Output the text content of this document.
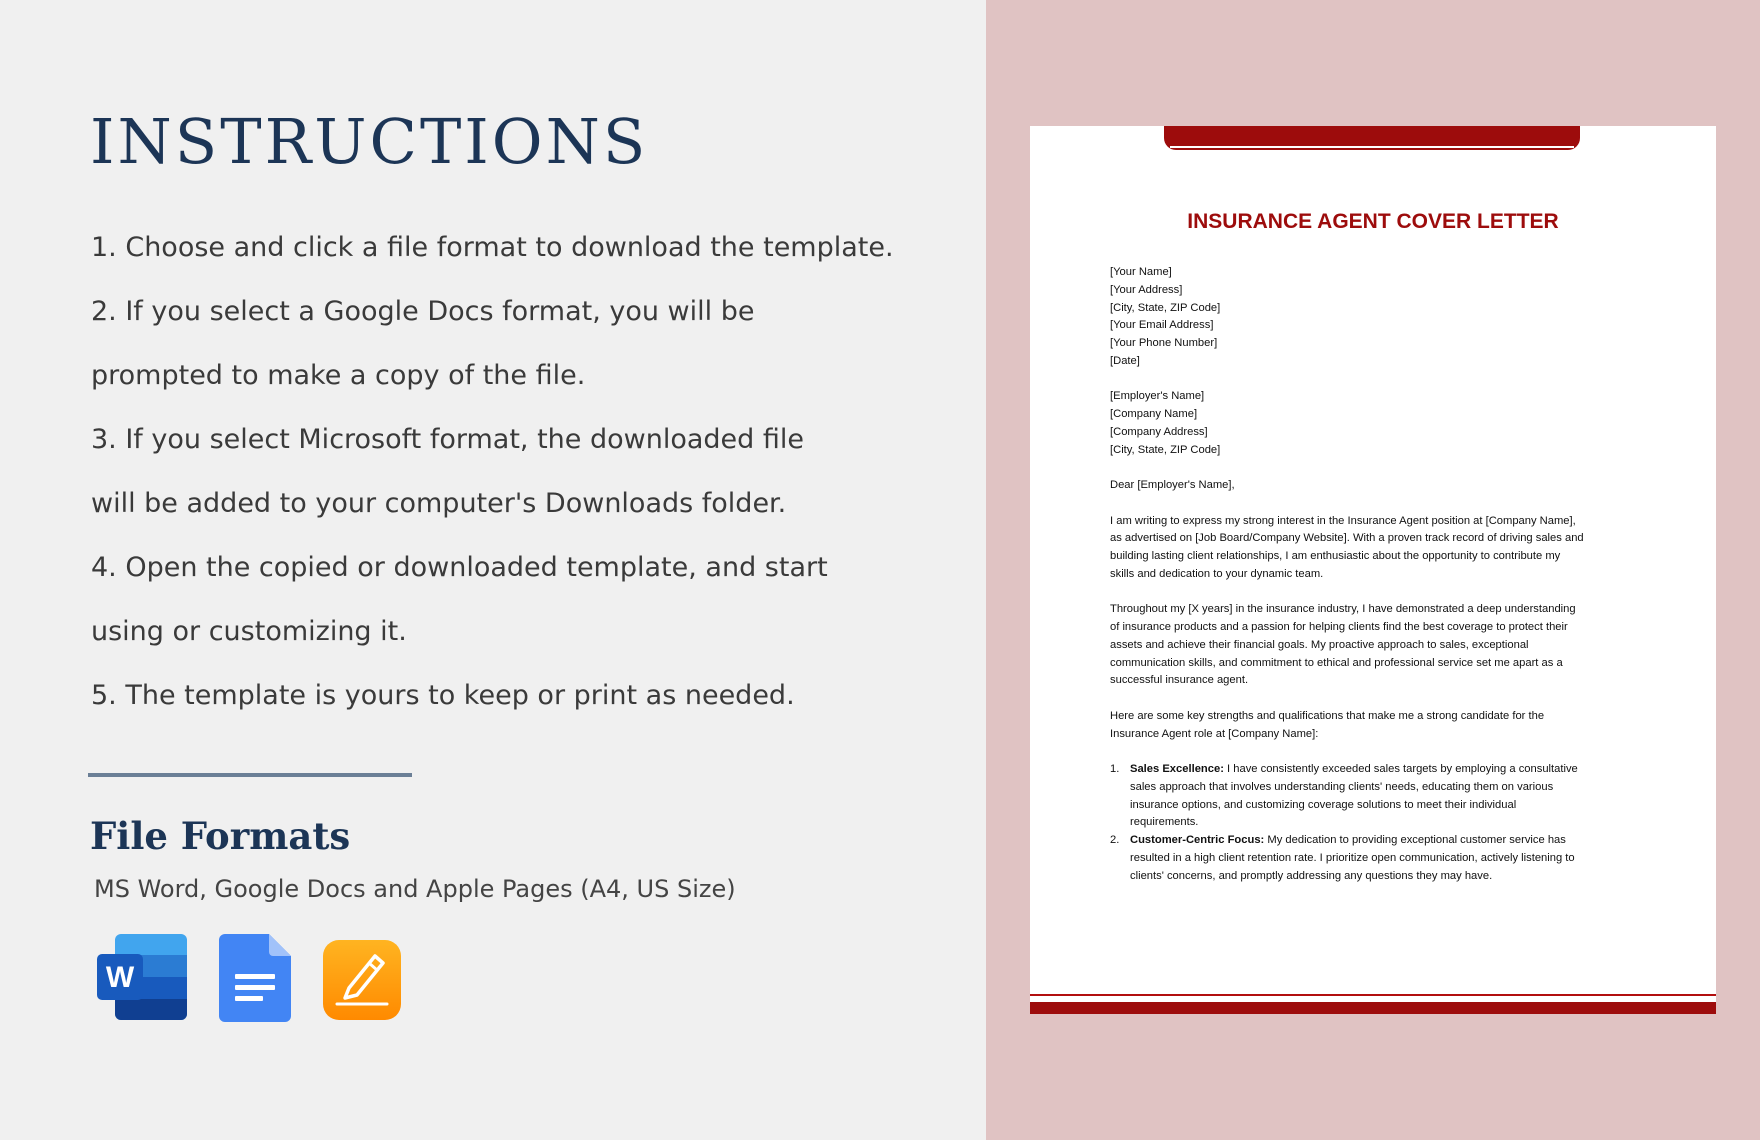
INSTRUCTIONS
1. Choose and click a file format to download the template.
2. If you select a Google Docs format, you will be
prompted to make a copy of the file.
3. If you select Microsoft format, the downloaded file
will be added to your computer's Downloads folder.
4. Open the copied or downloaded template, and start
using or customizing it.
5. The template is yours to keep or print as needed.
File Formats
MS Word, Google Docs and Apple Pages (A4, US Size)
W
INSURANCE AGENT COVER LETTER
[Your Name]
[Your Address]
[City, State, ZIP Code]
[Your Email Address]
[Your Phone Number]
[Date]
[Employer's Name]
[Company Name]
[Company Address]
[City, State, ZIP Code]
Dear [Employer's Name],
I am writing to express my strong interest in the Insurance Agent position at [Company Name],
as advertised on [Job Board/Company Website]. With a proven track record of driving sales and
building lasting client relationships, I am enthusiastic about the opportunity to contribute my
skills and dedication to your dynamic team.
Throughout my [X years] in the insurance industry, I have demonstrated a deep understanding
of insurance products and a passion for helping clients find the best coverage to protect their
assets and achieve their financial goals. My proactive approach to sales, exceptional
communication skills, and commitment to ethical and professional service set me apart as a
successful insurance agent.
Here are some key strengths and qualifications that make me a strong candidate for the
Insurance Agent role at [Company Name]:
1. Sales Excellence: I have consistently exceeded sales targets by employing a consultative
sales approach that involves understanding clients' needs, educating them on various
insurance options, and customizing coverage solutions to meet their individual
requirements.
2. Customer-Centric Focus: My dedication to providing exceptional customer service has
resulted in a high client retention rate. I prioritize open communication, actively listening to
clients' concerns, and promptly addressing any questions they may have.
